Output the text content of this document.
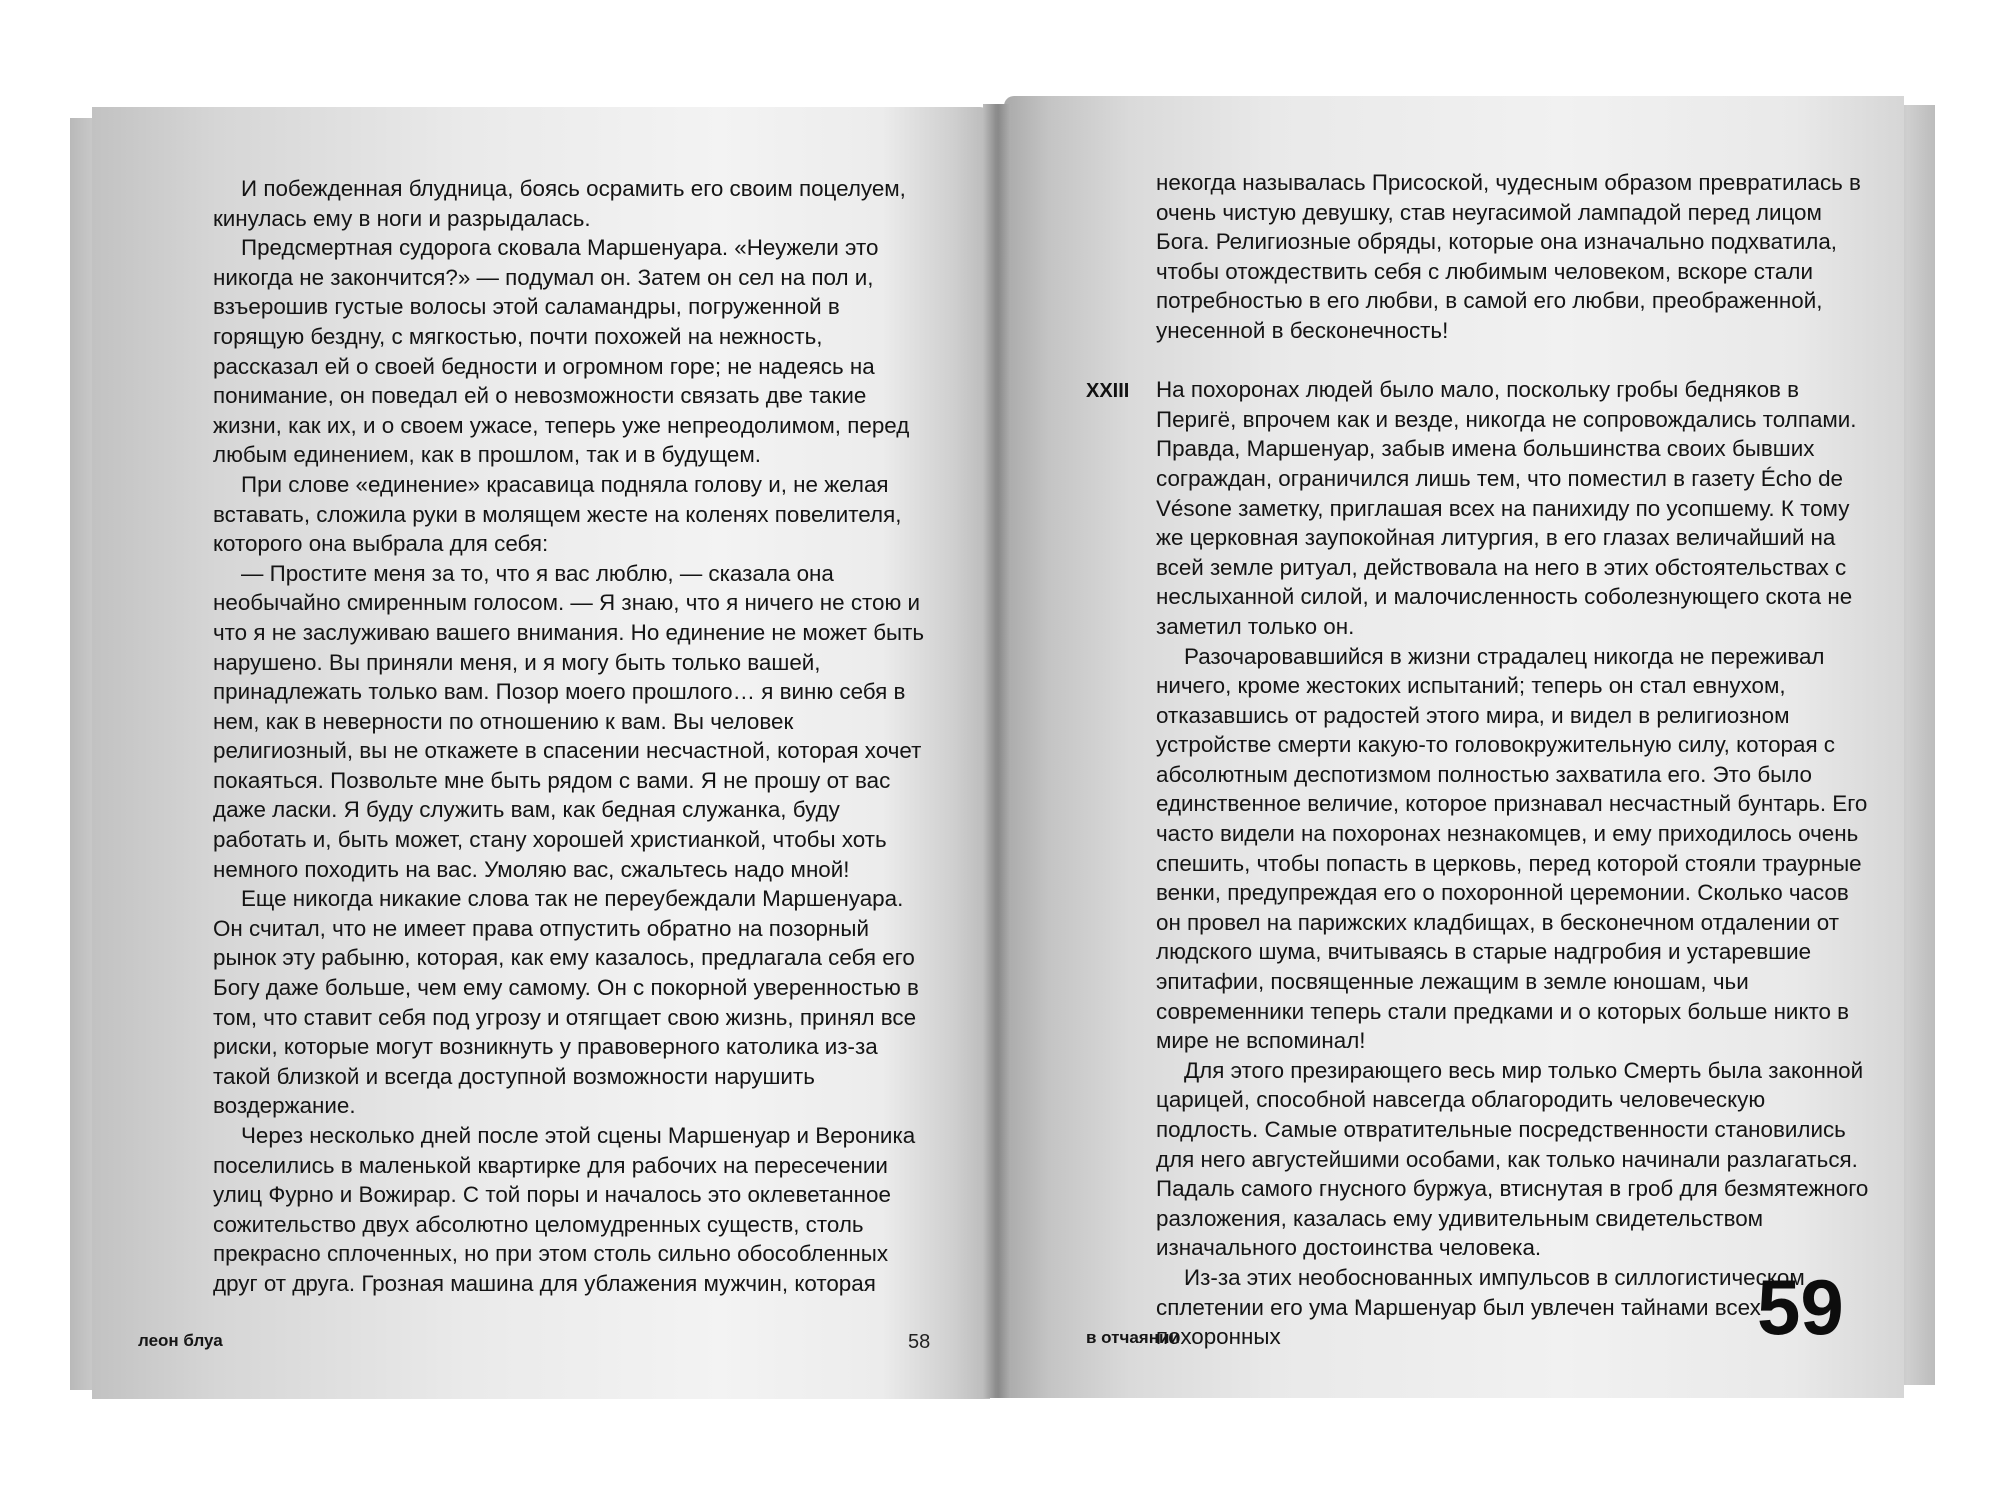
И побежденная блудница, боясь осрамить его своим поцелуем, кинулась ему в ноги и разрыдалась.

Предсмертная судорога сковала Маршенуара. «Неужели это никогда не закончится?» — подумал он. Затем он сел на пол и, взъерошив густые волосы этой саламандры, погруженной в горящую бездну, с мягкостью, почти похожей на нежность, рассказал ей о своей бедности и огромном горе; не надеясь на понимание, он поведал ей о невозможности связать две такие жизни, как их, и о своем ужасе, теперь уже непреодолимом, перед любым единением, как в прошлом, так и в будущем.

При слове «единение» красавица подняла голову и, не желая вставать, сложила руки в молящем жесте на коленях повелителя, которого она выбрала для себя:

— Простите меня за то, что я вас люблю, — сказала она необычайно смиренным голосом. — Я знаю, что я ничего не стою и что я не заслуживаю вашего внимания. Но единение не может быть нарушено. Вы приняли меня, и я могу быть только вашей, принадлежать только вам. Позор моего прошлого… я виню себя в нем, как в неверности по отношению к вам. Вы человек религиозный, вы не откажете в спасении несчастной, которая хочет покаяться. Позвольте мне быть рядом с вами. Я не прошу от вас даже ласки. Я буду служить вам, как бедная служанка, буду работать и, быть может, стану хорошей христианкой, чтобы хоть немного походить на вас. Умоляю вас, сжальтесь надо мной!

Еще никогда никакие слова так не переубеждали Маршенуара. Он считал, что не имеет права отпустить обратно на позорный рынок эту рабыню, которая, как ему казалось, предлагала себя его Богу даже больше, чем ему самому. Он с покорной уверенностью в том, что ставит себя под угрозу и отягщает свою жизнь, принял все риски, которые могут возникнуть у правоверного католика из-за такой близкой и всегда доступной возможности нарушить воздержание.

Через несколько дней после этой сцены Маршенуар и Вероника поселились в маленькой квартирке для рабочих на пересечении улиц Фурно и Вожирар. С той поры и началось это оклеветанное сожительство двух абсолютно целомудренных существ, столь прекрасно сплоченных, но при этом столь сильно обособленных друг от друга. Грозная машина для ублажения мужчин, которая

леон блуа	58

некогда называлась Присоской, чудесным образом превратилась в очень чистую девушку, став неугасимой лампадой перед лицом Бога. Религиозные обряды, которые она изначально подхватила, чтобы отождествить себя с любимым человеком, вскоре стали потребностью в его любви, в самой его любви, преображенной, унесенной в бесконечность!

На похоронах людей было мало, поскольку гробы бедняков в Перигё, впрочем как и везде, никогда не сопровождались толпами. Правда, Маршенуар, забыв имена большинства своих бывших сограждан, ограничился лишь тем, что поместил в газету Écho de Vésone заметку, приглашая всех на панихиду по усопшему. К тому же церковная заупокойная литургия, в его глазах величайший на всей земле ритуал, действовала на него в этих обстоятельствах с неслыханной силой, и малочисленность соболезнующего скота не заметил только он.

Разочаровавшийся в жизни страдалец никогда не переживал ничего, кроме жестоких испытаний; теперь он стал евнухом, отказавшись от радостей этого мира, и видел в религиозном устройстве смерти какую-то головокружительную силу, которая с абсолютным деспотизмом полностью захватила его. Это было единственное величие, которое признавал несчастный бунтарь. Его часто видели на похоронах незнакомцев, и ему приходилось очень спешить, чтобы попасть в церковь, перед которой стояли траурные венки, предупреждая его о похоронной церемонии. Сколько часов он провел на парижских кладбищах, в бесконечном отдалении от людского шума, вчитываясь в старые надгробия и устаревшие эпитафии, посвященные лежащим в земле юношам, чьи современники теперь стали предками и о которых больше никто в мире не вспоминал!

Для этого презирающего весь мир только Смерть была законной царицей, способной навсегда облагородить человеческую подлость. Самые отвратительные посредственности становились для него августейшими особами, как только начинали разлагаться. Падаль самого гнусного буржуа, втиснутая в гроб для безмятежного разложения, казалась ему удивительным свидетельством изначального достоинства человека.

Из-за этих необоснованных импульсов в силлогистическом сплетении его ума Маршенуар был увлечен тайнами всех похоронных

XXIII
в отчаянии	59
